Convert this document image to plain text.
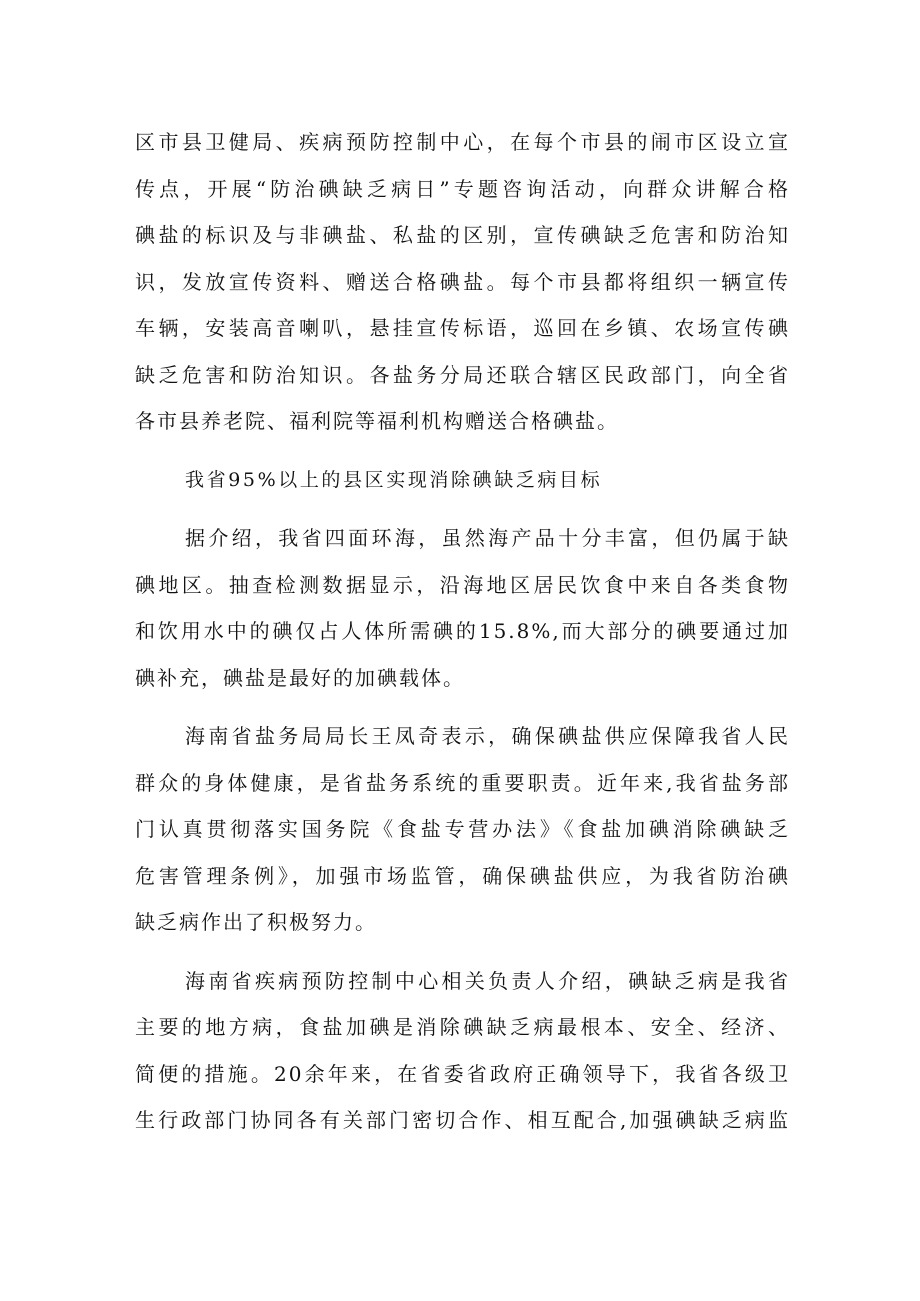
区市县卫健局、疾病预防控制中心，在每个市县的闹市区设立宣
传点，开展“防治碘缺乏病日”专题咨询活动，向群众讲解合格
碘盐的标识及与非碘盐、私盐的区别，宣传碘缺乏危害和防治知
识，发放宣传资料、赠送合格碘盐。每个市县都将组织一辆宣传
车辆，安装高音喇叭，悬挂宣传标语，巡回在乡镇、农场宣传碘
缺乏危害和防治知识。各盐务分局还联合辖区民政部门，向全省
各市县养老院、福利院等福利机构赠送合格碘盐。
我省95%以上的县区实现消除碘缺乏病目标
据介绍，我省四面环海，虽然海产品十分丰富，但仍属于缺
碘地区。抽查检测数据显示，沿海地区居民饮食中来自各类食物
和饮用水中的碘仅占人体所需碘的15.8%,而大部分的碘要通过加
碘补充，碘盐是最好的加碘载体。
海南省盐务局局长王凤奇表示，确保碘盐供应保障我省人民
群众的身体健康，是省盐务系统的重要职责。近年来,我省盐务部
门认真贯彻落实国务院《食盐专营办法》《食盐加碘消除碘缺乏
危害管理条例》，加强市场监管，确保碘盐供应，为我省防治碘
缺乏病作出了积极努力。
海南省疾病预防控制中心相关负责人介绍，碘缺乏病是我省
主要的地方病，食盐加碘是消除碘缺乏病最根本、安全、经济、
简便的措施。20余年来，在省委省政府正确领导下，我省各级卫
生行政部门协同各有关部门密切合作、相互配合,加强碘缺乏病监
